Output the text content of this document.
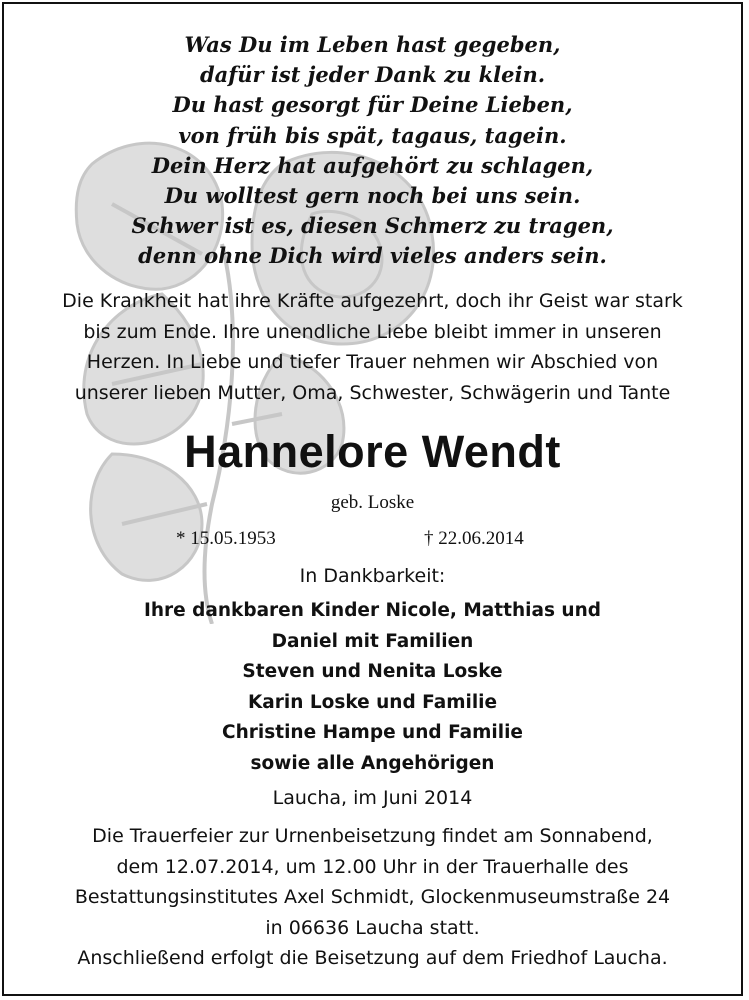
Was Du im Leben hast gegeben,
dafür ist jeder Dank zu klein.
Du hast gesorgt für Deine Lieben,
von früh bis spät, tagaus, tagein.
Dein Herz hat aufgehört zu schlagen,
Du wolltest gern noch bei uns sein.
Schwer ist es, diesen Schmerz zu tragen,
denn ohne Dich wird vieles anders sein.
Die Krankheit hat ihre Kräfte aufgezehrt, doch ihr Geist war stark
bis zum Ende. Ihre unendliche Liebe bleibt immer in unseren
Herzen. In Liebe und tiefer Trauer nehmen wir Abschied von
unserer lieben Mutter, Oma, Schwester, Schwägerin und Tante
Hannelore Wendt
geb. Loske
* 15.05.1953	† 22.06.2014
In Dankbarkeit:
Ihre dankbaren Kinder Nicole, Matthias und
Daniel mit Familien
Steven und Nenita Loske
Karin Loske und Familie
Christine Hampe und Familie
sowie alle Angehörigen
Laucha, im Juni 2014
Die Trauerfeier zur Urnenbeisetzung findet am Sonnabend,
dem 12.07.2014, um 12.00 Uhr in der Trauerhalle des
Bestattungsinstitutes Axel Schmidt, Glockenmuseumstraße 24
in 06636 Laucha statt.
Anschließend erfolgt die Beisetzung auf dem Friedhof Laucha.
